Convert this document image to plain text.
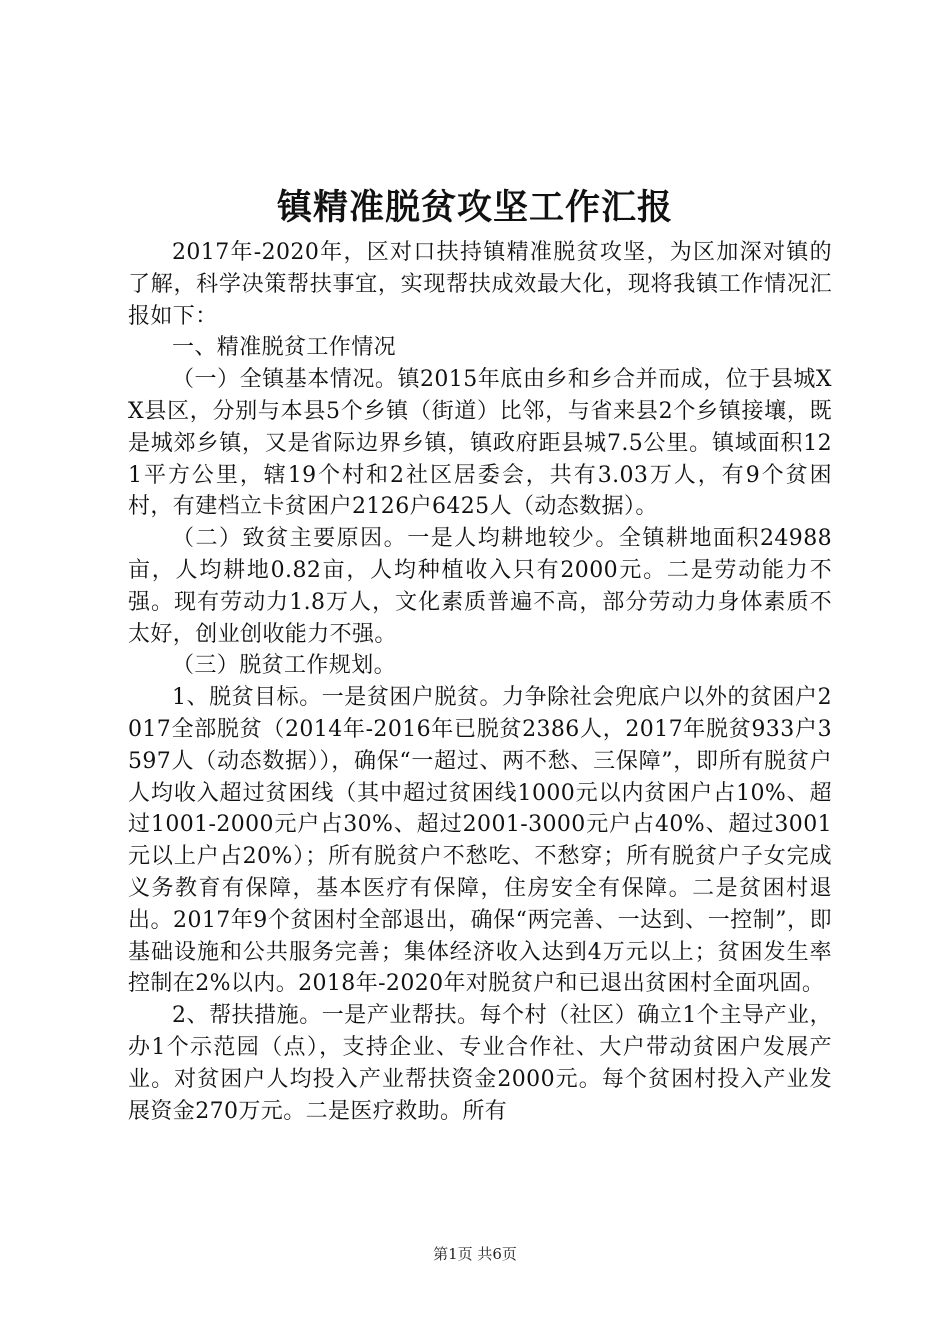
镇精准脱贫攻坚工作汇报

2017年-2020年，区对口扶持镇精准脱贫攻坚，为区加深对镇的了解，科学决策帮扶事宜，实现帮扶成效最大化，现将我镇工作情况汇报如下：

一、精准脱贫工作情况

（一）全镇基本情况。镇2015年底由乡和乡合并而成，位于县城XX县区，分别与本县5个乡镇（街道）比邻，与省来县2个乡镇接壤，既是城郊乡镇，又是省际边界乡镇，镇政府距县城7.5公里。镇域面积121平方公里，辖19个村和2社区居委会，共有3.03万人，有9个贫困村，有建档立卡贫困户2126户6425人（动态数据）。

（二）致贫主要原因。一是人均耕地较少。全镇耕地面积24988亩，人均耕地0.82亩，人均种植收入只有2000元。二是劳动能力不强。现有劳动力1.8万人，文化素质普遍不高，部分劳动力身体素质不太好，创业创收能力不强。

（三）脱贫工作规划。

1、脱贫目标。一是贫困户脱贫。力争除社会兜底户以外的贫困户2017全部脱贫（2014年-2016年已脱贫2386人，2017年脱贫933户3597人（动态数据）），确保“一超过、两不愁、三保障”，即所有脱贫户人均收入超过贫困线（其中超过贫困线1000元以内贫困户占10%、超过1001-2000元户占30%、超过2001-3000元户占40%、超过3001元以上户占20%）；所有脱贫户不愁吃、不愁穿；所有脱贫户子女完成义务教育有保障，基本医疗有保障，住房安全有保障。二是贫困村退出。2017年9个贫困村全部退出，确保“两完善、一达到、一控制”，即基础设施和公共服务完善；集体经济收入达到4万元以上；贫困发生率控制在2%以内。2018年-2020年对脱贫户和已退出贫困村全面巩固。

2、帮扶措施。一是产业帮扶。每个村（社区）确立1个主导产业，办1个示范园（点），支持企业、专业合作社、大户带动贫困户发展产业。对贫困户人均投入产业帮扶资金2000元。每个贫困村投入产业发展资金270万元。二是医疗救助。所有

第1页 共6页
